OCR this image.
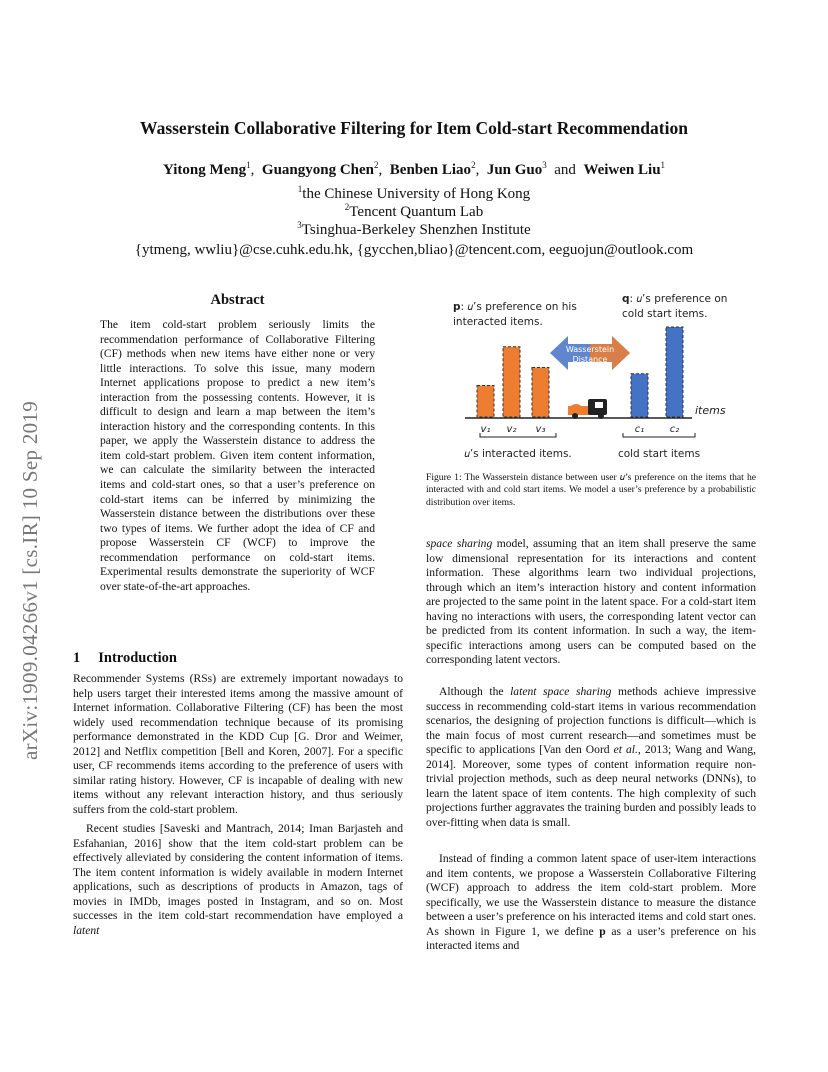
Wasserstein Collaborative Filtering for Item Cold-start Recommendation
Yitong Meng$^1$, Guangyong Chen$^2$, Benben Liao$^2$, Jun Guo$^3$ and Weiwen Liu$^1$
$^1$the Chinese University of Hong Kong
$^2$Tencent Quantum Lab
$^3$Tsinghua-Berkeley Shenzhen Institute
{ytmeng, wwliu}@cse.cuhk.edu.hk, {gycchen,bliao}@tencent.com, eeguojun@outlook.com
arXiv:1909.04266v1 [cs.IR] 10 Sep 2019
Abstract
The item cold-start problem seriously limits the recommendation performance of Collaborative Filtering (CF) methods when new items have either none or very little interactions. To solve this issue, many modern Internet applications propose to predict a new item’s interaction from the possessing contents. However, it is difficult to design and learn a map between the item’s interaction history and the corresponding contents. In this paper, we apply the Wasserstein distance to address the item cold-start problem. Given item content information, we can calculate the similarity between the interacted items and cold-start ones, so that a user’s preference on cold-start items can be inferred by minimizing the Wasserstein distance between the distributions over these two types of items. We further adopt the idea of CF and propose Wasserstein CF (WCF) to improve the recommendation performance on cold-start items. Experimental results demonstrate the superiority of WCF over state-of-the-art approaches.
1 Introduction
Recommender Systems (RSs) are extremely important nowadays to help users target their interested items among the massive amount of Internet information. Collaborative Filtering (CF) has been the most widely used recommendation technique because of its promising performance demonstrated in the KDD Cup [G. Dror and Weimer, 2012] and Netflix competition [Bell and Koren, 2007]. For a specific user, CF recommends items according to the preference of users with similar rating history. However, CF is incapable of dealing with new items without any relevant interaction history, and thus seriously suffers from the cold-start problem.
Recent studies [Saveski and Mantrach, 2014; Iman Barjasteh and Esfahanian, 2016] show that the item cold-start problem can be effectively alleviated by considering the content information of items. The item content information is widely available in modern Internet applications, such as descriptions of products in Amazon, tags of movies in IMDb, images posted in Instagram, and so on. Most successes in the item cold-start recommendation have employed a latent
p: 𝑢’s preference on his
interacted items.
q: 𝑢’s preference on
cold start items.
Wasserstein
Distance
items
v₁ v₂ v₃	c₁	c₂
𝑢’s interacted items.	cold start items
Figure 1: The Wasserstein distance between user 𝑢’s preference on the items that he interacted with and cold start items. We model a user’s preference by a probabilistic distribution over items.
space sharing model, assuming that an item shall preserve the same low dimensional representation for its interactions and content information. These algorithms learn two individual projections, through which an item’s interaction history and content information are projected to the same point in the latent space. For a cold-start item having no interactions with users, the corresponding latent vector can be predicted from its content information. In such a way, the item-specific interactions among users can be computed based on the corresponding latent vectors.
Although the latent space sharing methods achieve impressive success in recommending cold-start items in various recommendation scenarios, the designing of projection functions is difficult—which is the main focus of most current research—and sometimes must be specific to applications [Van den Oord et al., 2013; Wang and Wang, 2014]. Moreover, some types of content information require non-trivial projection methods, such as deep neural networks (DNNs), to learn the latent space of item contents. The high complexity of such projections further aggravates the training burden and possibly leads to over-fitting when data is small.
Instead of finding a common latent space of user-item interactions and item contents, we propose a Wasserstein Collaborative Filtering (WCF) approach to address the item cold-start problem. More specifically, we use the Wasserstein distance to measure the distance between a user’s preference on his interacted items and cold start ones. As shown in Figure 1, we define p as a user’s preference on his interacted items and
